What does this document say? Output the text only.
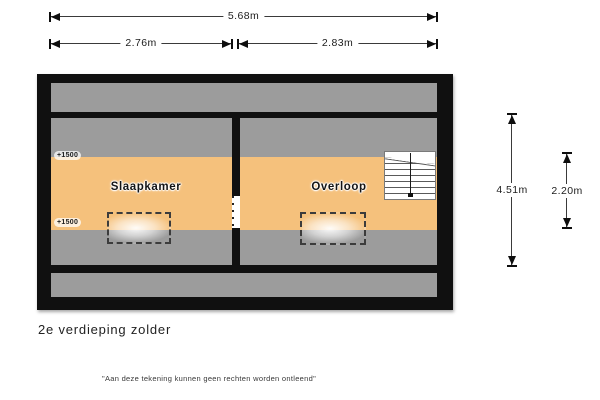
5.68m
2.76m	2.83m
+1500
+1500
Slaapkamer	Overloop	4.51m	2.20m
2e verdieping zolder
"Aan deze tekening kunnen geen rechten worden ontleend"
